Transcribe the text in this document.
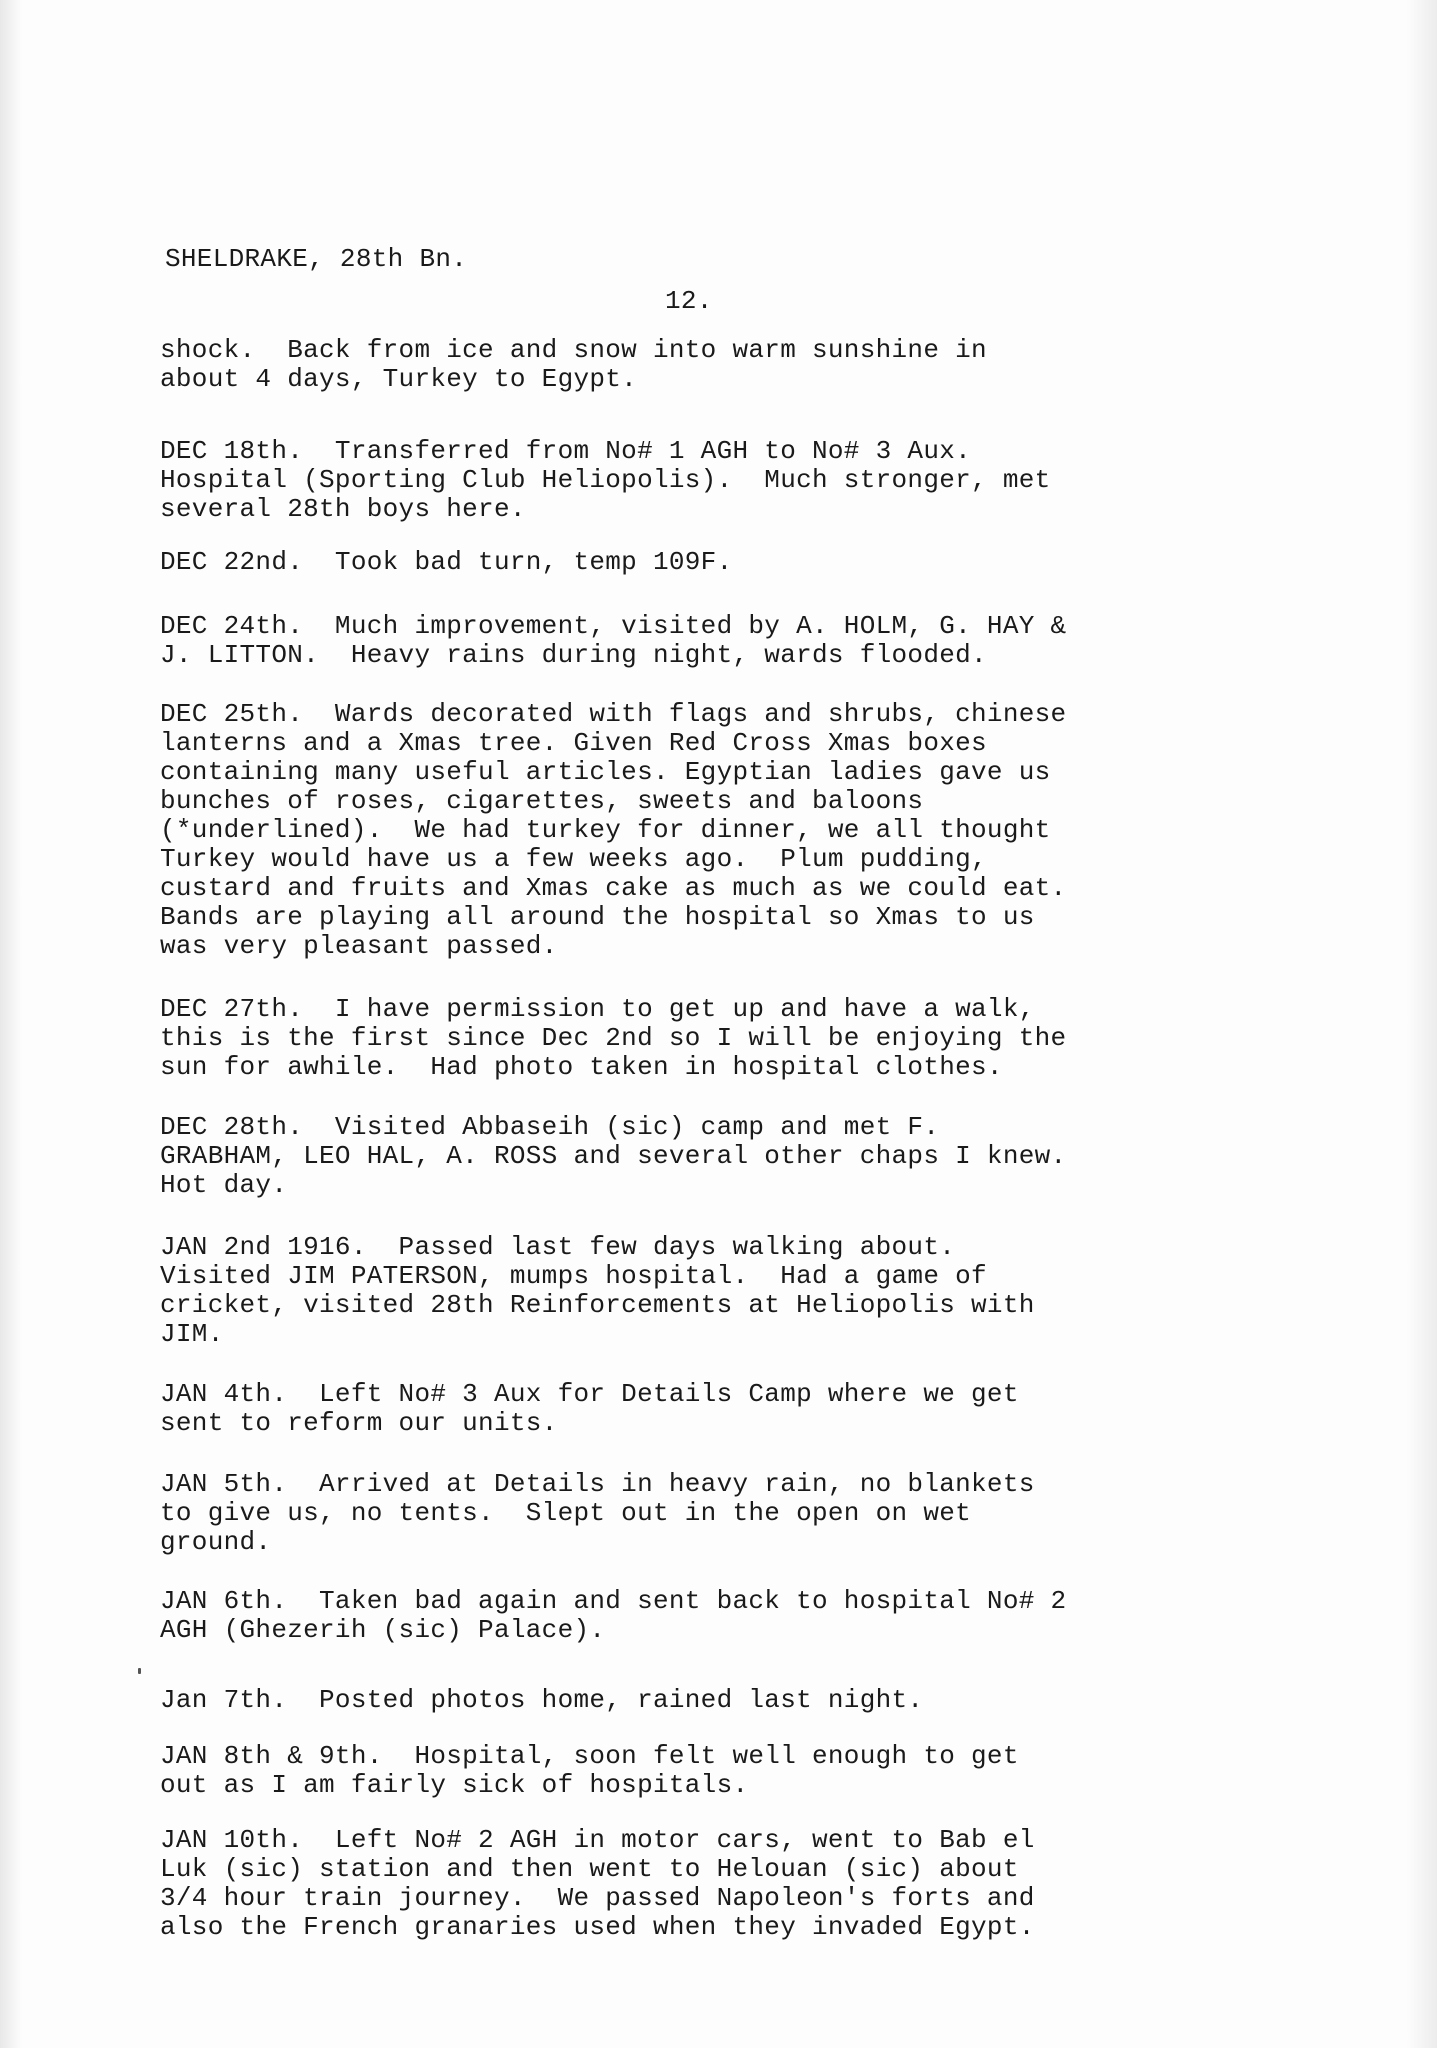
SHELDRAKE, 28th Bn.
12.
shock.  Back from ice and snow into warm sunshine in
about 4 days, Turkey to Egypt.
DEC 18th.  Transferred from No# 1 AGH to No# 3 Aux.
Hospital (Sporting Club Heliopolis).  Much stronger, met
several 28th boys here.
DEC 22nd.  Took bad turn, temp 109F.
DEC 24th.  Much improvement, visited by A. HOLM, G. HAY &
J. LITTON.  Heavy rains during night, wards flooded.
DEC 25th.  Wards decorated with flags and shrubs, chinese
lanterns and a Xmas tree. Given Red Cross Xmas boxes
containing many useful articles. Egyptian ladies gave us
bunches of roses, cigarettes, sweets and baloons
(*underlined).  We had turkey for dinner, we all thought
Turkey would have us a few weeks ago.  Plum pudding,
custard and fruits and Xmas cake as much as we could eat.
Bands are playing all around the hospital so Xmas to us
was very pleasant passed.
DEC 27th.  I have permission to get up and have a walk,
this is the first since Dec 2nd so I will be enjoying the
sun for awhile.  Had photo taken in hospital clothes.
DEC 28th.  Visited Abbaseih (sic) camp and met F.
GRABHAM, LEO HAL, A. ROSS and several other chaps I knew.
Hot day.
JAN 2nd 1916.  Passed last few days walking about.
Visited JIM PATERSON, mumps hospital.  Had a game of
cricket, visited 28th Reinforcements at Heliopolis with
JIM.
JAN 4th.  Left No# 3 Aux for Details Camp where we get
sent to reform our units.
JAN 5th.  Arrived at Details in heavy rain, no blankets
to give us, no tents.  Slept out in the open on wet
ground.
JAN 6th.  Taken bad again and sent back to hospital No# 2
AGH (Ghezerih (sic) Palace).
Jan 7th.  Posted photos home, rained last night.
JAN 8th & 9th.  Hospital, soon felt well enough to get
out as I am fairly sick of hospitals.
JAN 10th.  Left No# 2 AGH in motor cars, went to Bab el
Luk (sic) station and then went to Helouan (sic) about
3/4 hour train journey.  We passed Napoleon's forts and
also the French granaries used when they invaded Egypt.
